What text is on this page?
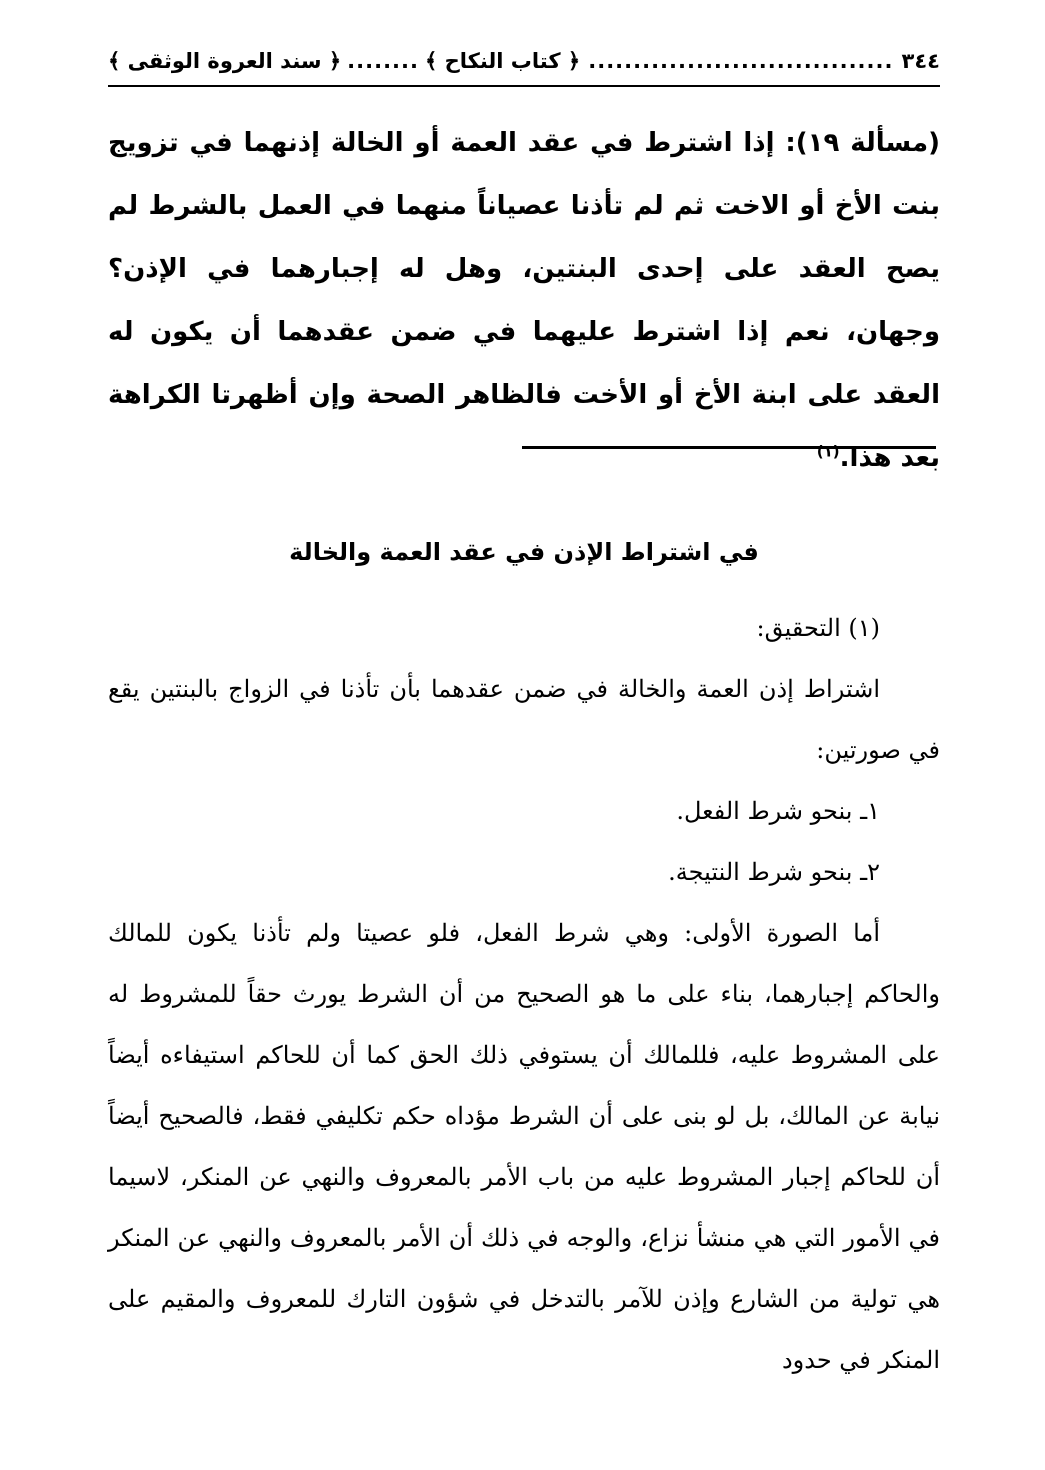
٣٤٤
..................................
﴿ كتاب النكاح ﴾
........
﴿ سند العروة الوثقى ﴾
(مسألة ١٩): إذا اشترط في عقد العمة أو الخالة إذنهما في تزويج بنت الأخ أو الاخت ثم لم تأذنا عصياناً منهما في العمل بالشرط لم يصح العقد على إحدى البنتين، وهل له إجبارهما في الإذن؟ وجهان، نعم إذا اشترط عليهما في ضمن عقدهما أن يكون له العقد على ابنة الأخ أو الأخت فالظاهر الصحة وإن أظهرتا الكراهة بعد هذا.$^{(١)}$
في اشتراط الإذن في عقد العمة والخالة

(١) التحقيق:

اشتراط إذن العمة والخالة في ضمن عقدهما بأن تأذنا في الزواج بالبنتين يقع في صورتين:

١ـ بنحو شرط الفعل.

٢ـ بنحو شرط النتيجة.

أما الصورة الأولى: وهي شرط الفعل، فلو عصيتا ولم تأذنا يكون للمالك والحاكم إجبارهما، بناء على ما هو الصحيح من أن الشرط يورث حقاً للمشروط له على المشروط عليه، فللمالك أن يستوفي ذلك الحق كما أن للحاكم استيفاءه أيضاً نيابة عن المالك، بل لو بنى على أن الشرط مؤداه حكم تكليفي فقط، فالصحيح أيضاً أن للحاكم إجبار المشروط عليه من باب الأمر بالمعروف والنهي عن المنكر، لاسيما في الأمور التي هي منشأ نزاع، والوجه في ذلك أن الأمر بالمعروف والنهي عن المنكر هي تولية من الشارع وإذن للآمر بالتدخل في شؤون التارك للمعروف والمقيم على المنكر في حدود
